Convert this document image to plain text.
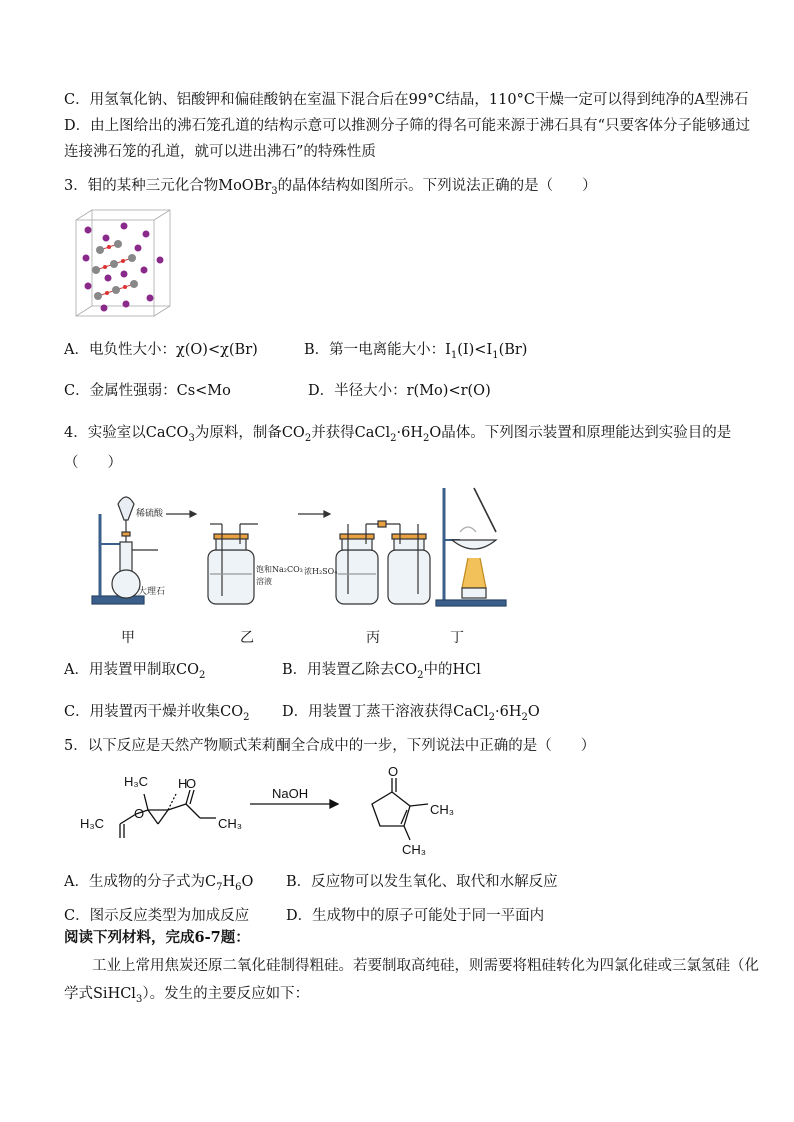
C．用氢氧化钠、铝酸钾和偏硅酸钠在室温下混合后在99°C结晶，110°C干燥一定可以得到纯净的A型沸石
D．由上图给出的沸石笼孔道的结构示意可以推测分子筛的得名可能来源于沸石具有“只要客体分子能够通过
连接沸石笼的孔道，就可以进出沸石”的特殊性质
3．钼的某种三元化合物MoOBr$_3$的晶体结构如图所示。下列说法正确的是（　　）
A．电负性大小：χ(O)<χ(Br)	B．第一电离能大小：$I_1(I)<I_1(Br)$
C．金属性强弱：Cs<Mo	D．半径大小：r(Mo)<r(O)
4．实验室以CaCO$_3$为原料，制备$CO_2$并获得$CaCl_2\cdot 6H_2O$晶体。下列图示装置和原理能达到实验目的是
（　　）
稀硫酸
大理石
饱和Na₂CO₃
溶液
浓H₂SO₄
甲	乙	丙	丁
A．用装置甲制取$CO_2$	B．用装置乙除去$CO_2$中的HCl
C．用装置丙干燥并收集$CO_2$ D．用装置丁蒸干溶液获得$CaCl_2\cdot 6H_2O$
5．以下反应是天然产物顺式茉莉酮全合成中的一步，下列说法中正确的是（　　）
H₃C H
O
O
H₃C	CH₃
NaOH
O
CH₃
CH₃
A．生成物的分子式为$C_7H_6O$ B．反应物可以发生氧化、取代和水解反应
C．图示反应类型为加成反应	D．生成物中的原子可能处于同一平面内
阅读下列材料，完成6-7题：
工业上常用焦炭还原二氧化硅制得粗硅。若要制取高纯硅，则需要将粗硅转化为四氯化硅或三氯氢硅（化
学式SiHCl$_3$）。发生的主要反应如下：
